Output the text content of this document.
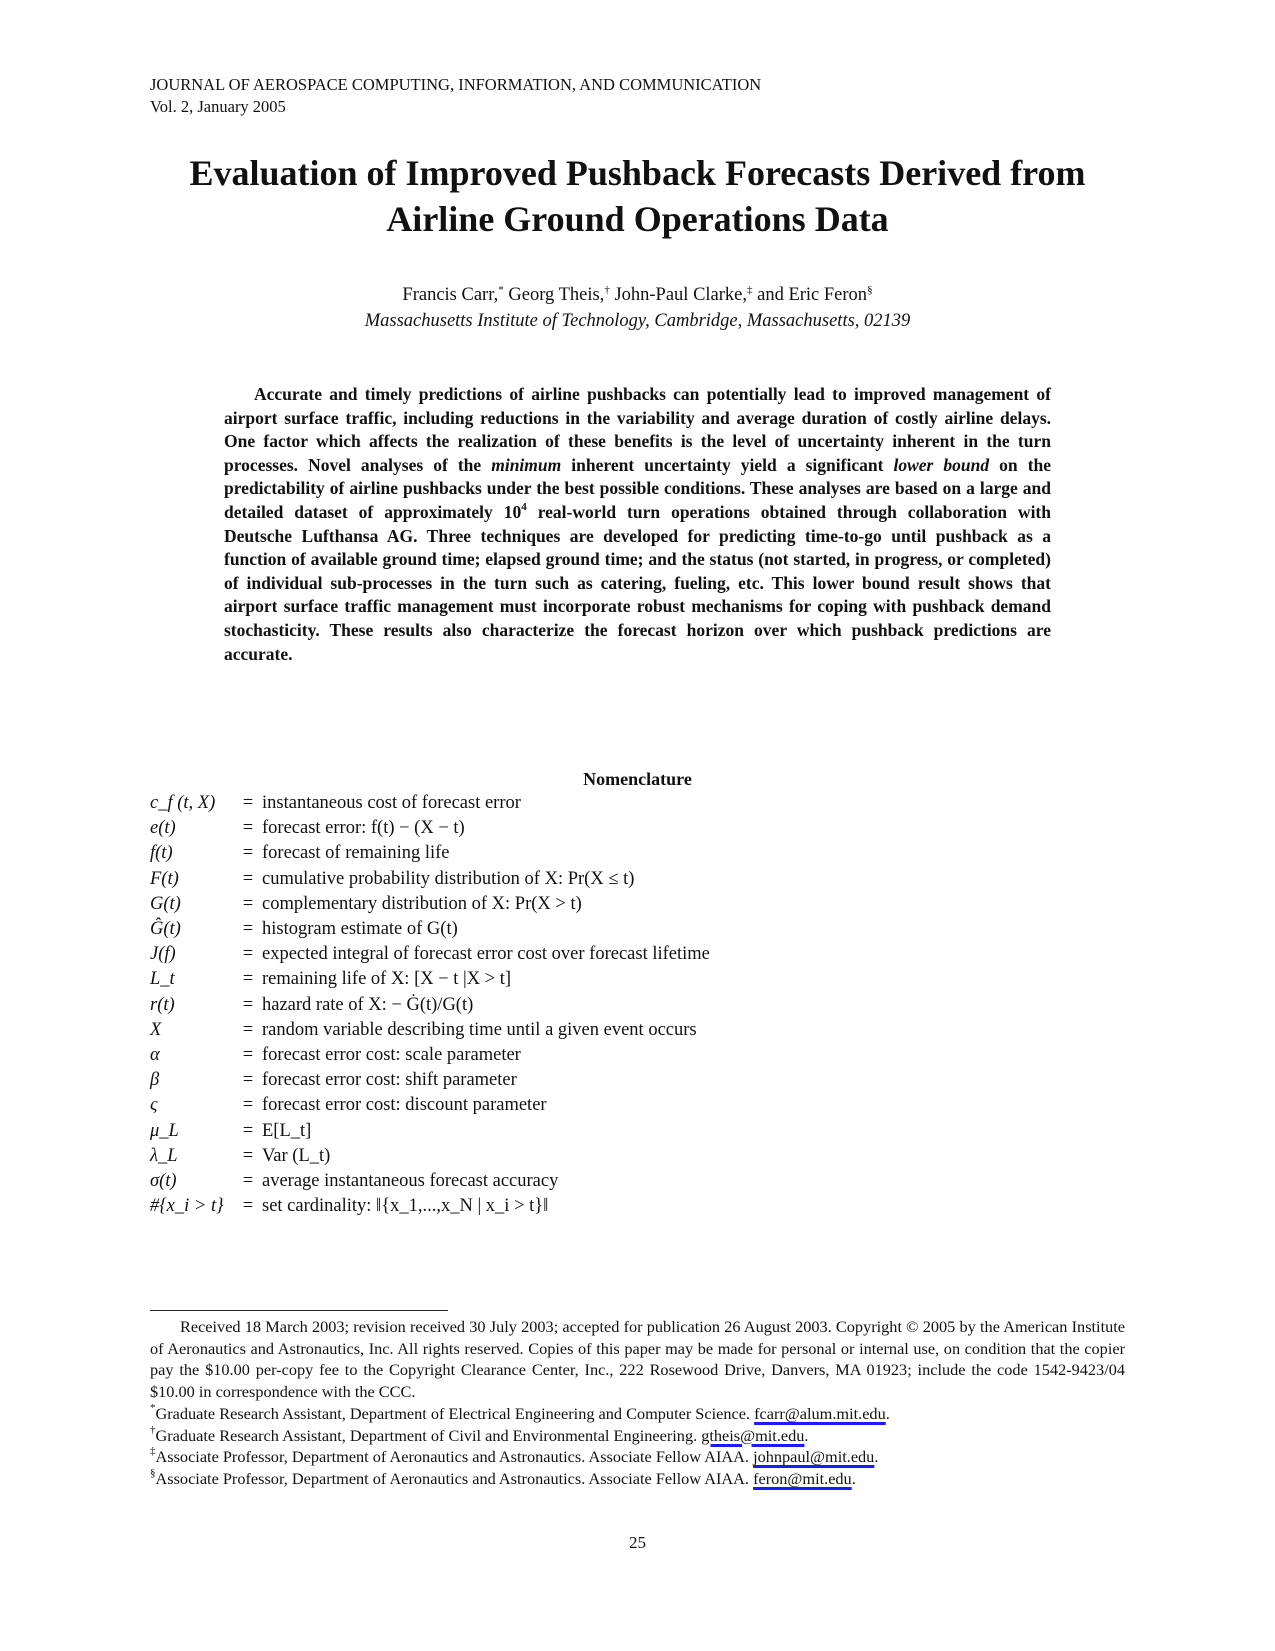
JOURNAL OF AEROSPACE COMPUTING, INFORMATION, AND COMMUNICATION
Vol. 2, January 2005
Evaluation of Improved Pushback Forecasts Derived from
Airline Ground Operations Data
Francis Carr,* Georg Theis,† John-Paul Clarke,‡ and Eric Feron§
Massachusetts Institute of Technology, Cambridge, Massachusetts, 02139

Accurate and timely predictions of airline pushbacks can potentially lead to improved management of airport surface traffic, including reductions in the variability and average duration of costly airline delays. One factor which affects the realization of these benefits is the level of uncertainty inherent in the turn processes. Novel analyses of the minimum inherent uncertainty yield a significant lower bound on the predictability of airline pushbacks under the best possible conditions. These analyses are based on a large and detailed dataset of approximately $10^4$ real-world turn operations obtained through collaboration with Deutsche Lufthansa AG. Three techniques are developed for predicting time-to-go until pushback as a function of available ground time; elapsed ground time; and the status (not started, in progress, or completed) of individual sub-processes in the turn such as catering, fueling, etc. This lower bound result shows that airport surface traffic management must incorporate robust mechanisms for coping with pushback demand stochasticity. These results also characterize the forecast horizon over which pushback predictions are accurate.

Nomenclature
c_f (t, X)	= instantaneous cost of forecast error
e(t)	= forecast error: f(t) − (X − t)
f(t)	= forecast of remaining life
F(t)	= cumulative probability distribution of X: Pr(X ≤ t)
G(t)	= complementary distribution of X: Pr(X > t)
Ĝ(t)	= histogram estimate of G(t)
J(f)	= expected integral of forecast error cost over forecast lifetime
L_t	= remaining life of X: [X − t |X > t]
r(t)	= hazard rate of X: − Ġ(t)/G(t)
X	= random variable describing time until a given event occurs
α	= forecast error cost: scale parameter
β	= forecast error cost: shift parameter
ς	= forecast error cost: discount parameter
μ_L	= E[L_t]
λ_L	= Var (L_t)
σ(t)	= average instantaneous forecast accuracy
#{x_i > t}	= set cardinality: ‖{x_1,...,x_N | x_i > t}‖

Received 18 March 2003; revision received 30 July 2003; accepted for publication 26 August 2003. Copyright © 2005 by the American Institute of Aeronautics and Astronautics, Inc. All rights reserved. Copies of this paper may be made for personal or internal use, on condition that the copier pay the $10.00 per-copy fee to the Copyright Clearance Center, Inc., 222 Rosewood Drive, Danvers, MA 01923; include the code 1542-9423/04 $10.00 in correspondence with the CCC.

*Graduate Research Assistant, Department of Electrical Engineering and Computer Science. fcarr@alum.mit.edu.

†Graduate Research Assistant, Department of Civil and Environmental Engineering. gtheis@mit.edu.

‡Associate Professor, Department of Aeronautics and Astronautics. Associate Fellow AIAA. johnpaul@mit.edu.

§Associate Professor, Department of Aeronautics and Astronautics. Associate Fellow AIAA. feron@mit.edu.

25
